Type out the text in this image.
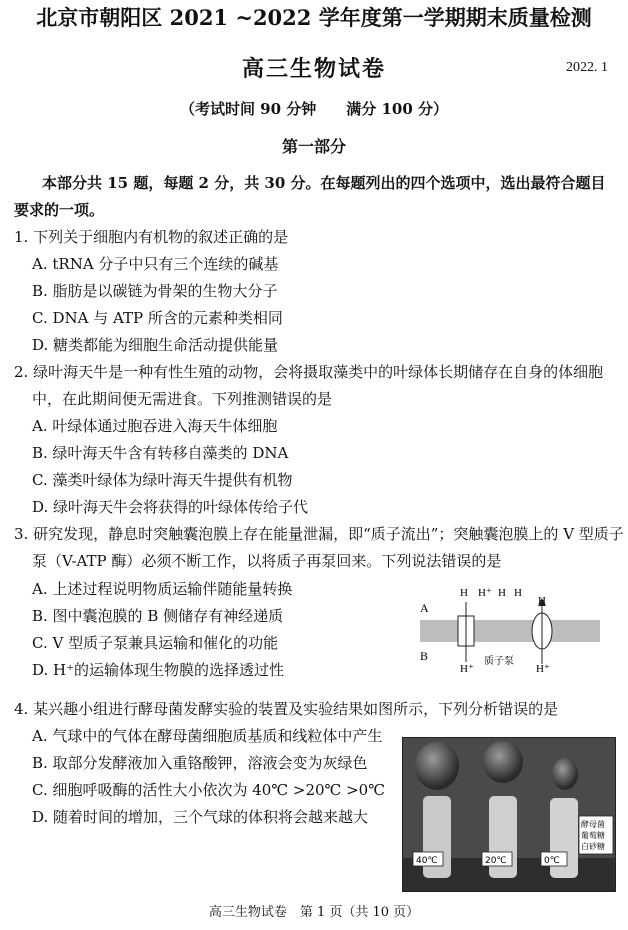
北京市朝阳区 2021 ~2022 学年度第一学期期末质量检测
高三生物试卷	2022. 1
（考试时间 90 分钟　　满分 100 分）
第一部分
本部分共 15 题，每题 2 分，共 30 分。在每题列出的四个选项中，选出最符合题目要求的一项。
1. 下列关于细胞内有机物的叙述正确的是
A. tRNA 分子中只有三个连续的碱基
B. 脂肪是以碳链为骨架的生物大分子
C. DNA 与 ATP 所含的元素种类相同
D. 糖类都能为细胞生命活动提供能量
2. 绿叶海天牛是一种有性生殖的动物，会将摄取藻类中的叶绿体长期储存在自身的体细胞
中，在此期间便无需进食。下列推测错误的是
A. 叶绿体通过胞吞进入海天牛体细胞
B. 绿叶海天牛含有转移自藻类的 DNA
C. 藻类叶绿体为绿叶海天牛提供有机物
D. 绿叶海天牛会将获得的叶绿体传给子代
3. 研究发现，静息时突触囊泡膜上存在能量泄漏，即“质子流出”；突触囊泡膜上的 V 型质子
泵（V-ATP 酶）必须不断工作，以将质子再泵回来。下列说法错误的是
A. 上述过程说明物质运输伴随能量转换
B. 图中囊泡膜的 B 侧储存有神经递质
C. V 型质子泵兼具运输和催化的功能
D. H⁺的运输体现生物膜的选择透过性
A
B
H H⁺ H H
H
H⁺
质子泵
H⁺
4. 某兴趣小组进行酵母菌发酵实验的装置及实验结果如图所示，下列分析错误的是
A. 气球中的气体在酵母菌细胞质基质和线粒体中产生
B. 取部分发酵液加入重铬酸钾，溶液会变为灰绿色
C. 细胞呼吸酶的活性大小依次为 40℃ >20℃ >0℃
D. 随着时间的增加，三个气球的体积将会越来越大
40℃	20℃	0℃
酵母菌
葡萄糖
白砂糖
高三生物试卷　第 1 页（共 10 页）
